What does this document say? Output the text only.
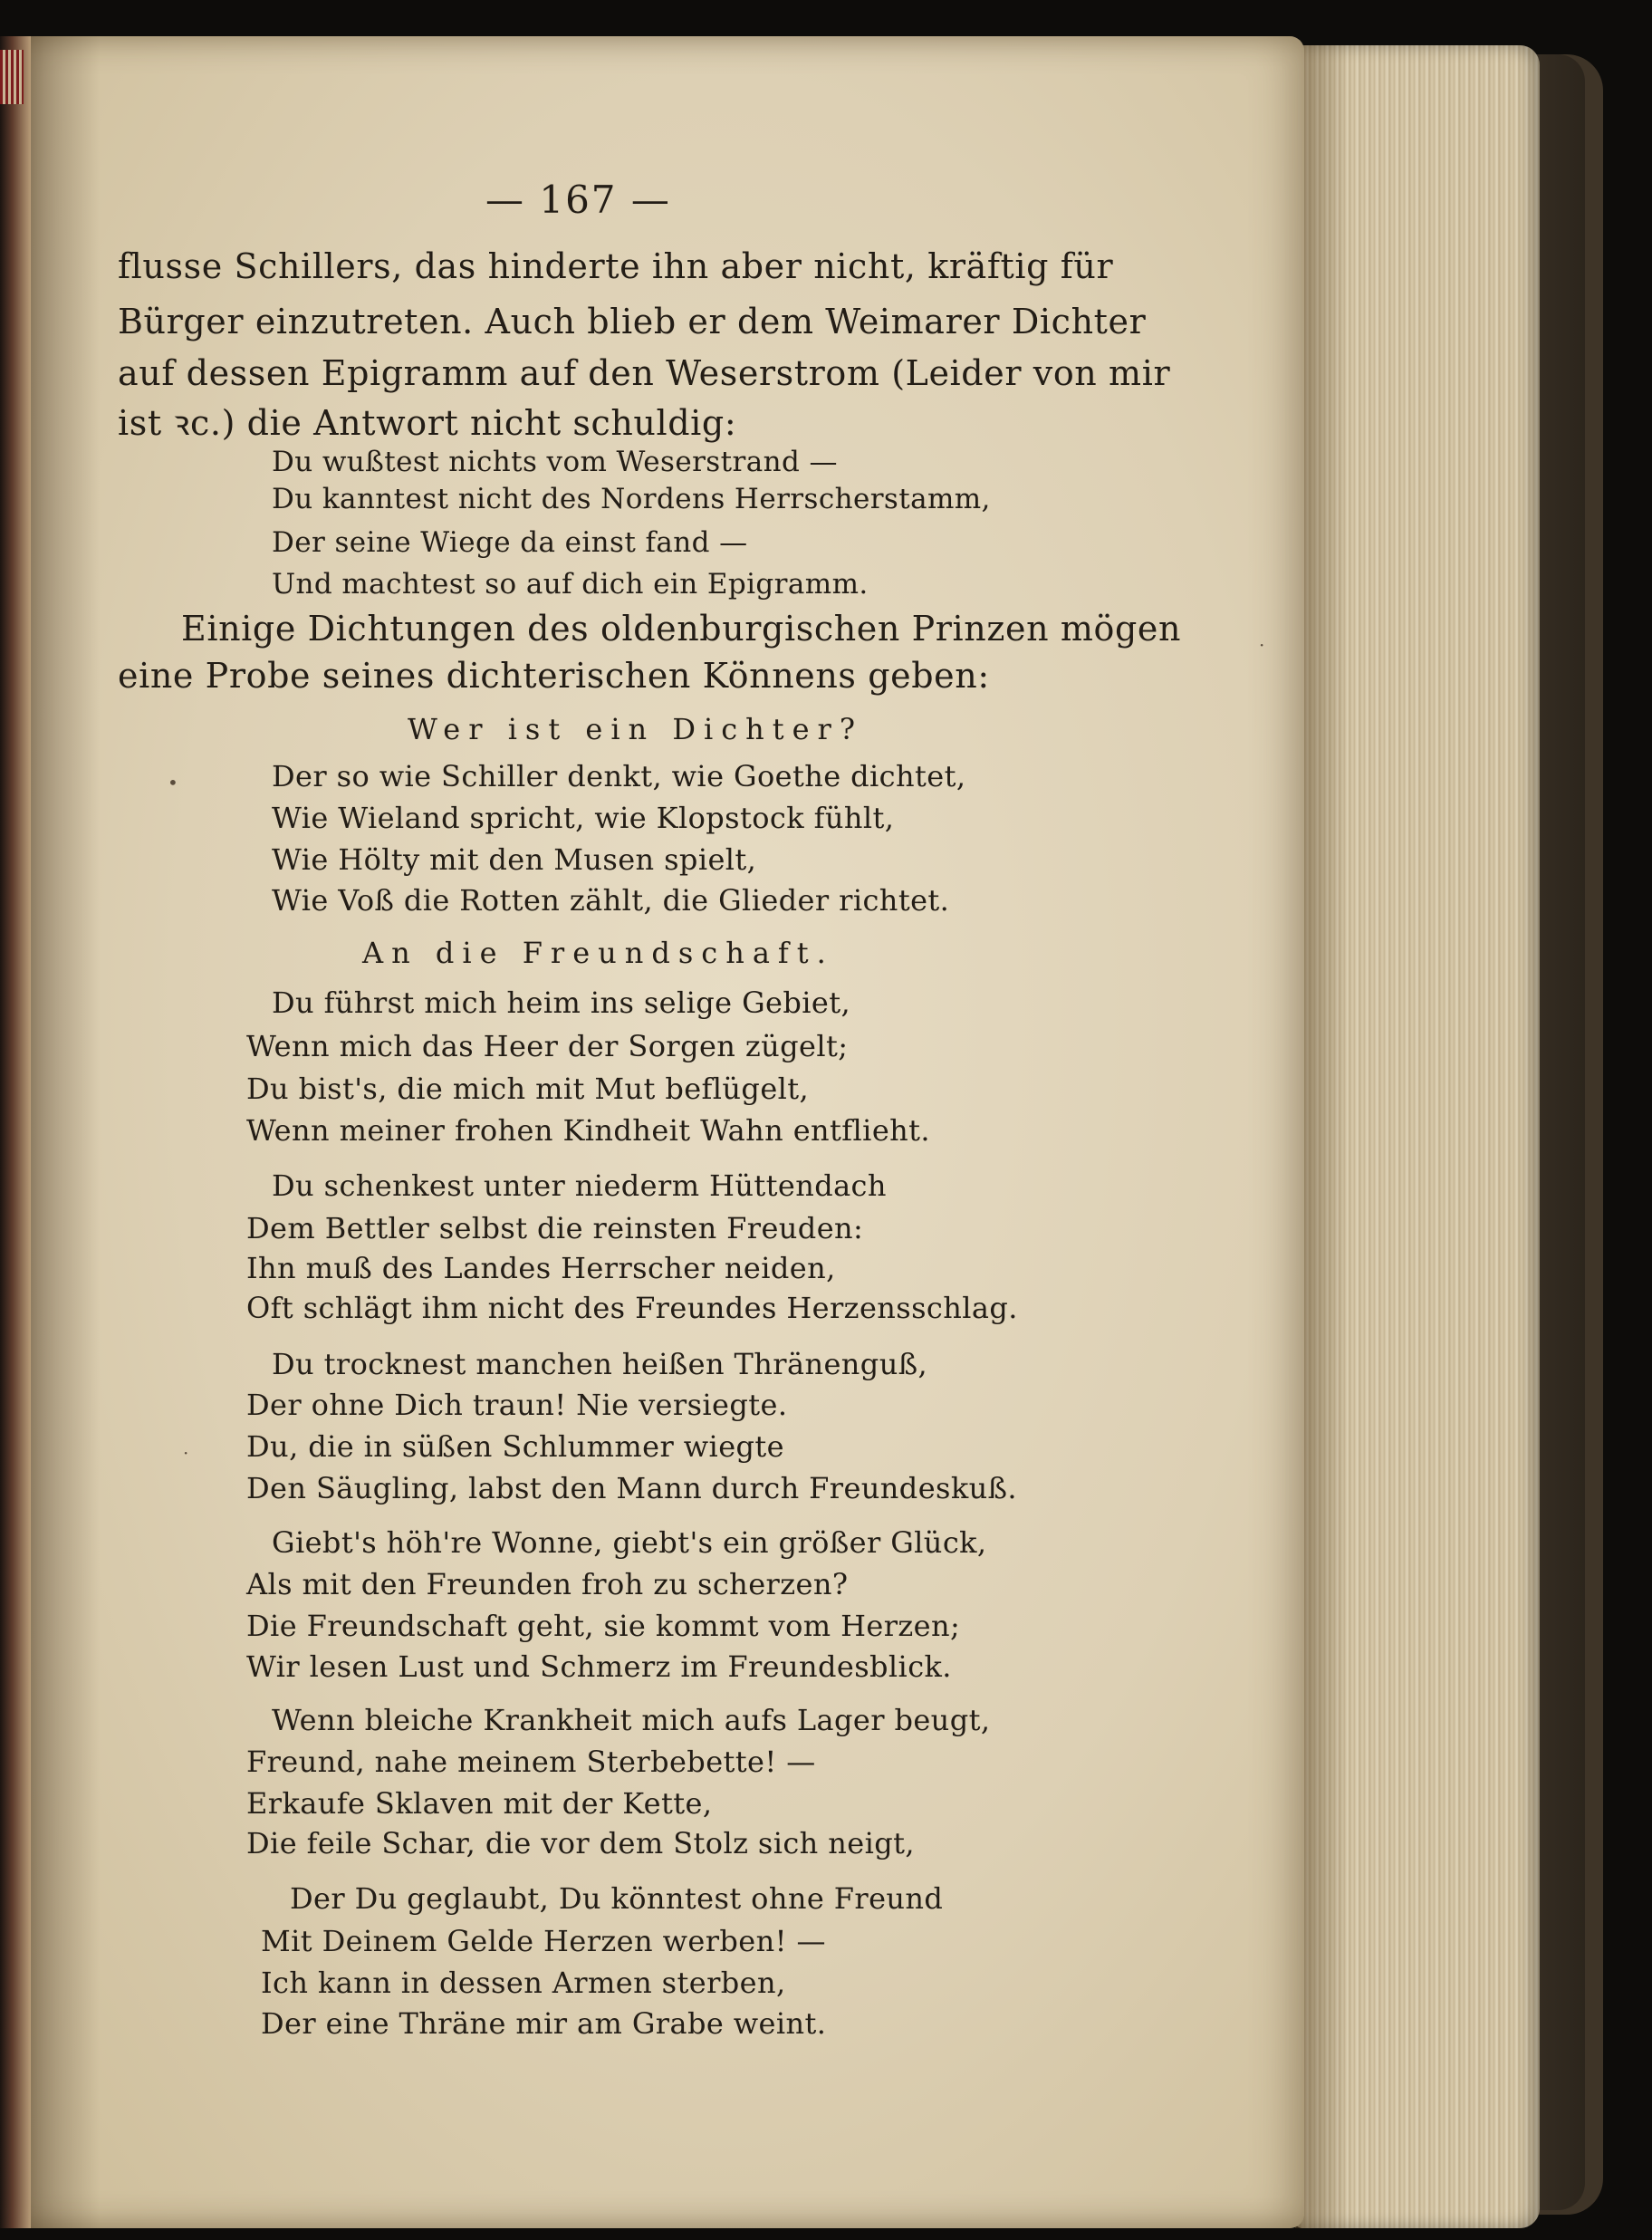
— 167 —
flusse Schillers, das hinderte ihn aber nicht, kräftig für
Bürger einzutreten. Auch blieb er dem Weimarer Dichter
auf dessen Epigramm auf den Weserstrom (Leider von mir
ist ꝛc.) die Antwort nicht schuldig:
Du wußtest nichts vom Weserstrand —
Du kanntest nicht des Nordens Herrscherstamm,
Der seine Wiege da einst fand —
Und machtest so auf dich ein Epigramm.
Einige Dichtungen des oldenburgischen Prinzen mögen
eine Probe seines dichterischen Könnens geben:
Wer ist ein Dichter?
Der so wie Schiller denkt, wie Goethe dichtet,
Wie Wieland spricht, wie Klopstock fühlt,
Wie Hölty mit den Musen spielt,
Wie Voß die Rotten zählt, die Glieder richtet.
An die Freundschaft.
Du führst mich heim ins selige Gebiet,
Wenn mich das Heer der Sorgen zügelt;
Du bist's, die mich mit Mut beflügelt,
Wenn meiner frohen Kindheit Wahn entflieht.
Du schenkest unter niederm Hüttendach
Dem Bettler selbst die reinsten Freuden:
Ihn muß des Landes Herrscher neiden,
Oft schlägt ihm nicht des Freundes Herzensschlag.
Du trocknest manchen heißen Thränenguß,
Der ohne Dich traun! Nie versiegte.
Du, die in süßen Schlummer wiegte
Den Säugling, labst den Mann durch Freundeskuß.
Giebt's höh're Wonne, giebt's ein größer Glück,
Als mit den Freunden froh zu scherzen?
Die Freundschaft geht, sie kommt vom Herzen;
Wir lesen Lust und Schmerz im Freundesblick.
Wenn bleiche Krankheit mich aufs Lager beugt,
Freund, nahe meinem Sterbebette! —
Erkaufe Sklaven mit der Kette,
Die feile Schar, die vor dem Stolz sich neigt,
Der Du geglaubt, Du könntest ohne Freund
Mit Deinem Gelde Herzen werben! —
Ich kann in dessen Armen sterben,
Der eine Thräne mir am Grabe weint.
•
·
·
